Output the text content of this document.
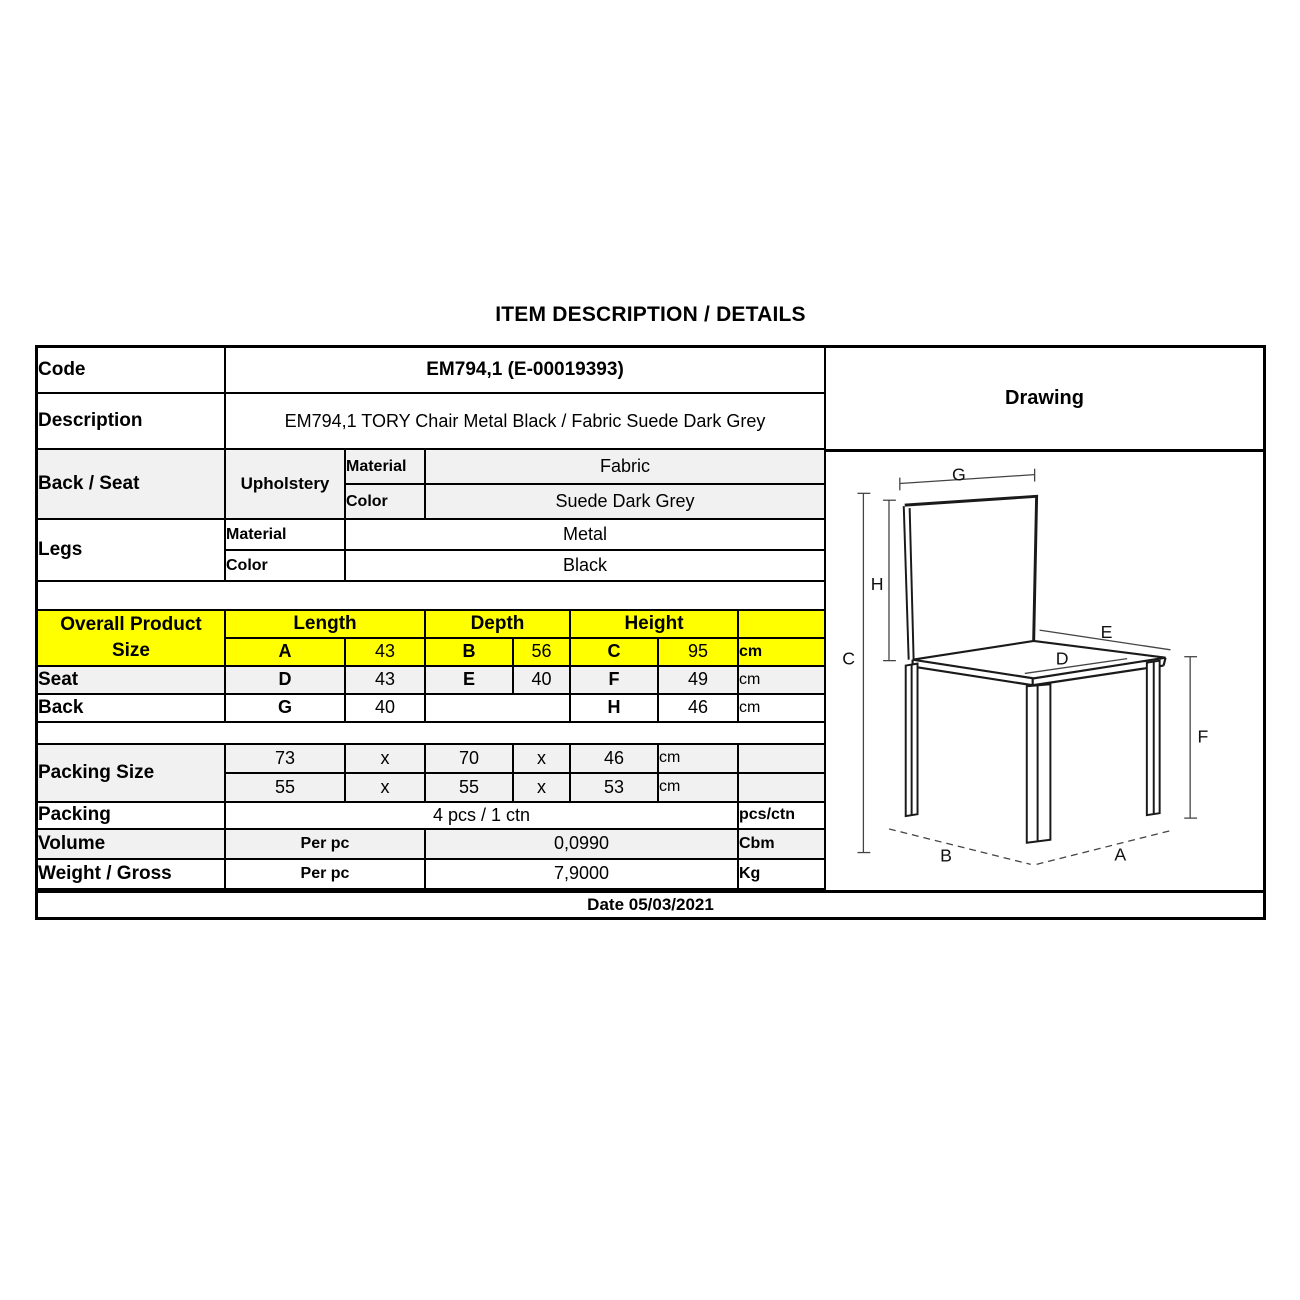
ITEM DESCRIPTION / DETAILS
Code	EM794,1 (E-00019393)						
Description	EM794,1 TORY Chair Metal Black / Fabric Suede Dark Grey						
Back / Seat	Upholstery	Material	Fabric				
		Color	Suede Dark Grey				
Legs	Material	Metal					
	Color	Black					

Overall Product
Size	Length		Depth		Height		
	A	43	B	56	C	95	cm
Seat	D	43	E	40	F	49	cm
Back	G	40			H	46	cm

Packing Size	73	x	70	x	46	cm	
	55	x	55	x	53	cm	
Packing	4 pcs / 1 ctn						pcs/ctn
Volume	Per pc		0,0990				Cbm
Weight / Gross	Per pc		7,9000				Kg
Drawing
G
H
C
E
D
F
B	A
Date 05/03/2021
